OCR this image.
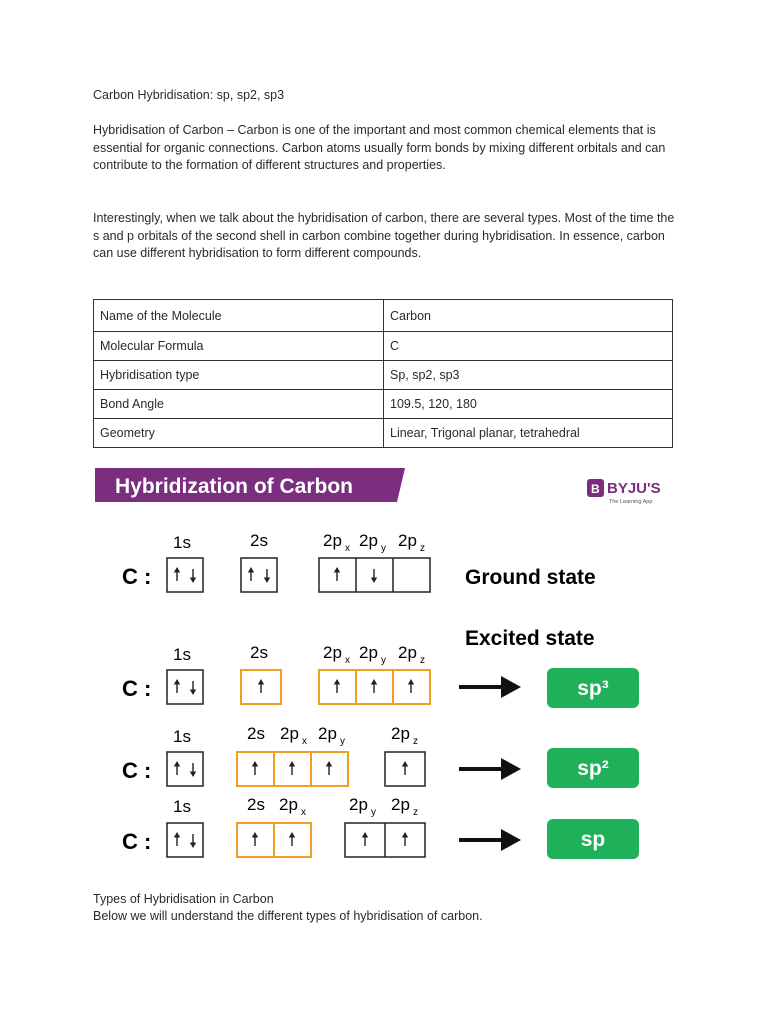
Carbon Hybridisation: sp, sp2, sp3
Hybridisation of Carbon – Carbon is one of the important and most common chemical elements that is essential for organic connections. Carbon atoms usually form bonds by mixing different orbitals and can contribute to the formation of different structures and properties.
Interestingly, when we talk about the hybridisation of carbon, there are several types. Most of the time the s and p orbitals of the second shell in carbon combine together during hybridisation. In essence, carbon can use different hybridisation to form different compounds.
Name of the Molecule	Carbon
Molecular Formula	C
Hybridisation type	Sp, sp2, sp3
Bond Angle	109.5, 120, 180
Geometry	Linear, Trigonal planar, tetrahedral
Hybridization of Carbon	B BYJU'S
The Learning App
1s	2s	2p x 2p y 2p z
C :	Ground state
Excited state
1s	2s	2p x 2p y 2p z
C :	sp³
1s	2s 2p x 2p y	2p z
C :	sp²
1s	2s 2p x	2p y 2p z
C :	sp
Types of Hybridisation in Carbon
Below we will understand the different types of hybridisation of carbon.
